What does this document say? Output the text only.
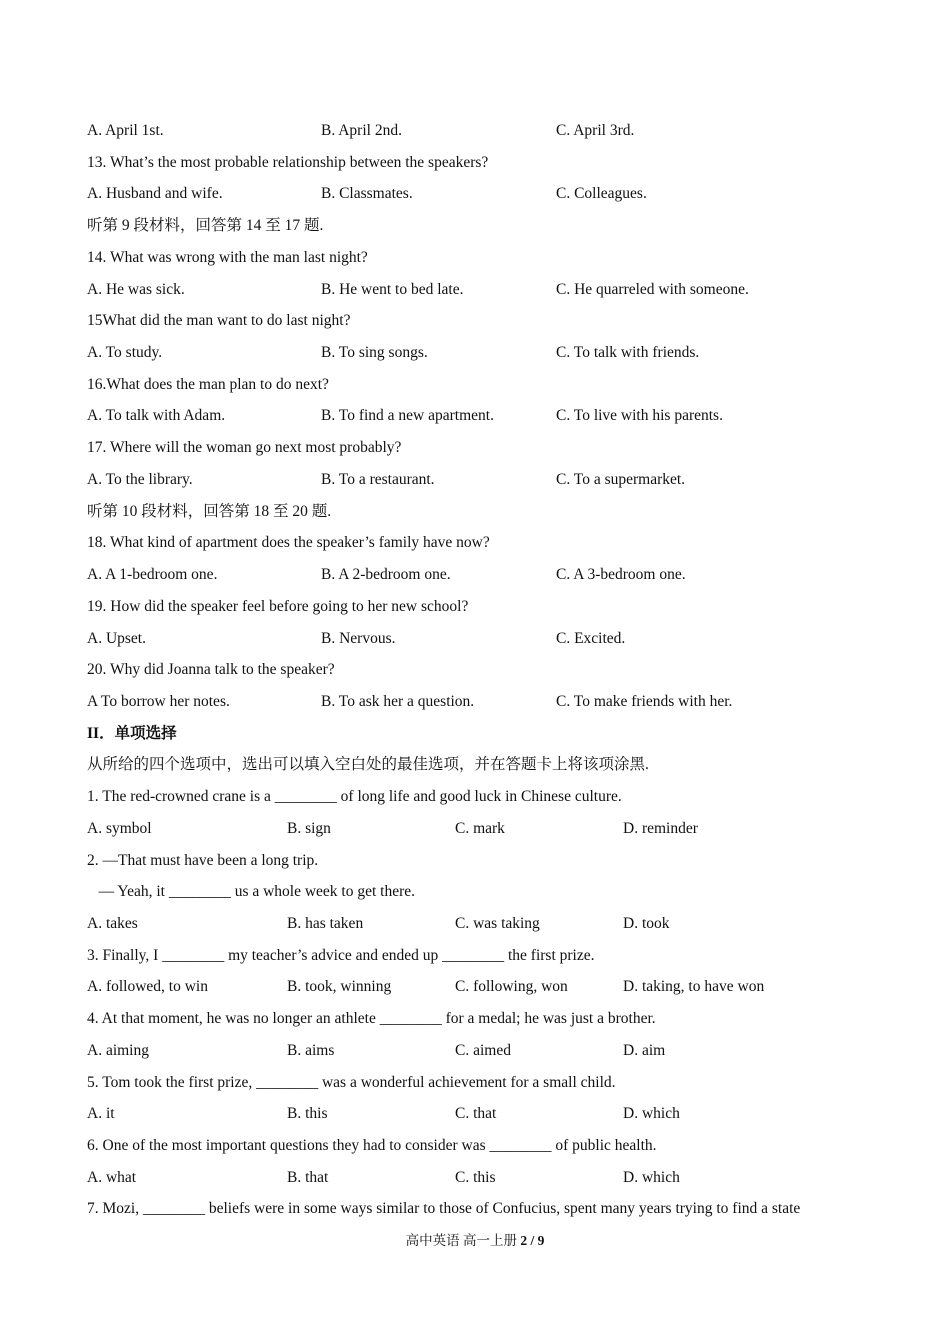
A. April 1st.	B. April 2nd.	C. April 3rd.
13. What’s the most probable relationship between the speakers?
A. Husband and wife.	B. Classmates.	C. Colleagues.
听第 9 段材料，回答第 14 至 17 题.
14. What was wrong with the man last night?
A. He was sick.	B. He went to bed late.	C. He quarreled with someone.
15What did the man want to do last night?
A. To study.	B. To sing songs.	C. To talk with friends.
16.What does the man plan to do next?
A. To talk with Adam.	B. To find a new apartment.	C. To live with his parents.
17. Where will the woman go next most probably?
A. To the library.	B. To a restaurant.	C. To a supermarket.
听第 10 段材料，回答第 18 至 20 题.
18. What kind of apartment does the speaker’s family have now?
A. A 1-bedroom one.	B. A 2-bedroom one.	C. A 3-bedroom one.
19. How did the speaker feel before going to her new school?
A. Upset.	B. Nervous.	C. Excited.
20. Why did Joanna talk to the speaker?
A To borrow her notes.	B. To ask her a question.	C. To make friends with her.
II．单项选择
从所给的四个选项中，选出可以填入空白处的最佳选项，并在答题卡上将该项涂黑.
1. The red-crowned crane is a ________ of long life and good luck in Chinese culture.
A. symbol	B. sign	C. mark	D. reminder
2. —That must have been a long trip.
— Yeah, it ________ us a whole week to get there.
A. takes	B. has taken	C. was taking	D. took
3. Finally, I ________ my teacher’s advice and ended up ________ the first prize.
A. followed, to win	B. took, winning	C. following, won	D. taking, to have won
4. At that moment, he was no longer an athlete ________ for a medal; he was just a brother.
A. aiming	B. aims	C. aimed	D. aim
5. Tom took the first prize, ________ was a wonderful achievement for a small child.
A. it	B. this	C. that	D. which
6. One of the most important questions they had to consider was ________ of public health.
A. what	B. that	C. this	D. which
7. Mozi, ________ beliefs were in some ways similar to those of Confucius, spent many years trying to find a state
高中英语 高一上册 2 / 9
